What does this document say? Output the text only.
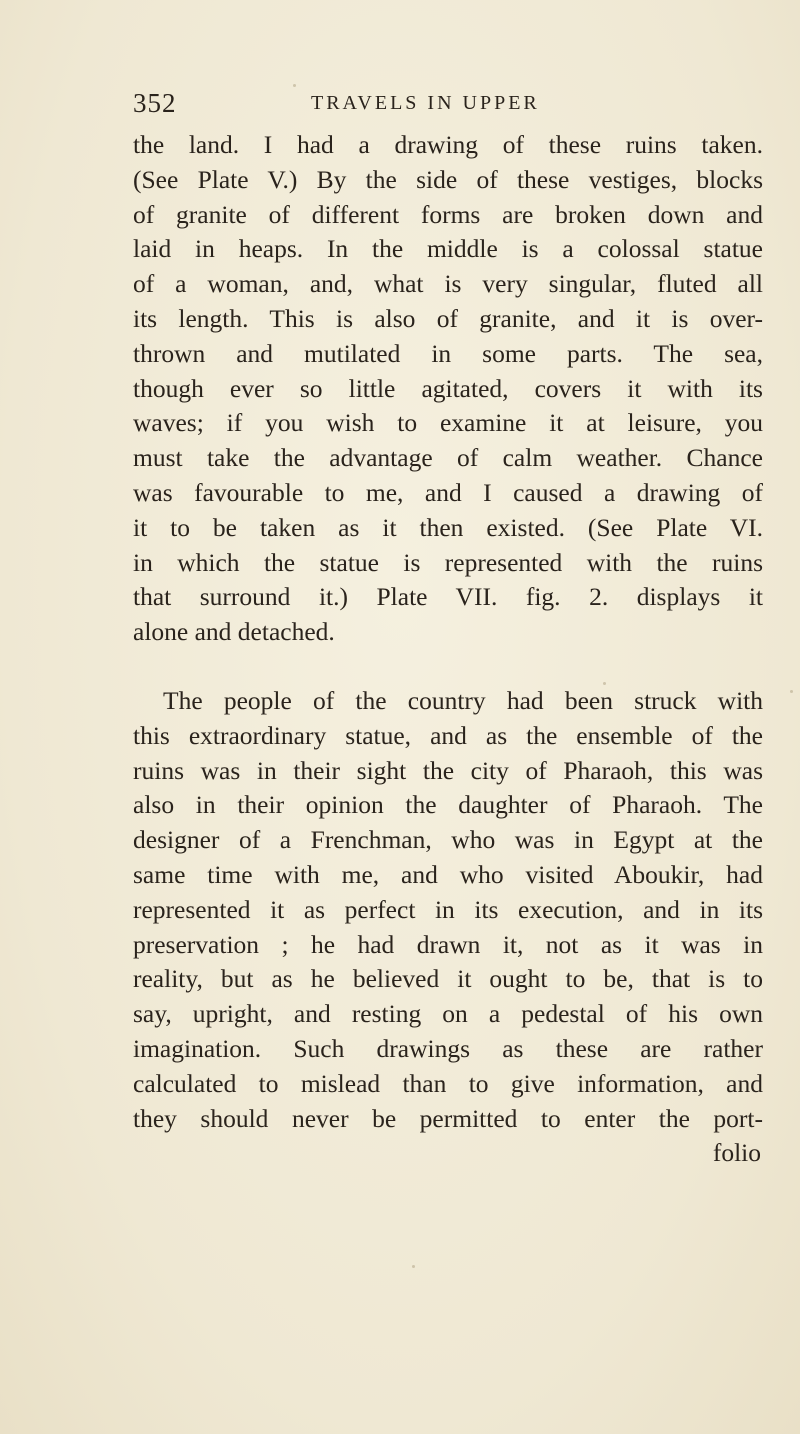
352	TRAVELS IN UPPER
the land. I had a drawing of these ruins taken.
(See Plate V.) By the side of these vestiges, blocks
of granite of different forms are broken down and
laid in heaps. In the middle is a colossal statue
of a woman, and, what is very singular, fluted all
its length. This is also of granite, and it is over-
thrown and mutilated in some parts. The sea,
though ever so little agitated, covers it with its
waves; if you wish to examine it at leisure, you
must take the advantage of calm weather. Chance
was favourable to me, and I caused a drawing of
it to be taken as it then existed. (See Plate VI.
in which the statue is represented with the ruins
that surround it.) Plate VII. fig. 2. displays it
alone and detached.
The people of the country had been struck with
this extraordinary statue, and as the ensemble of the
ruins was in their sight the city of Pharaoh, this was
also in their opinion the daughter of Pharaoh. The
designer of a Frenchman, who was in Egypt at the
same time with me, and who visited Aboukir, had
represented it as perfect in its execution, and in its
preservation ; he had drawn it, not as it was in
reality, but as he believed it ought to be, that is to
say, upright, and resting on a pedestal of his own
imagination. Such drawings as these are rather
calculated to mislead than to give information, and
they should never be permitted to enter the port-
folio
